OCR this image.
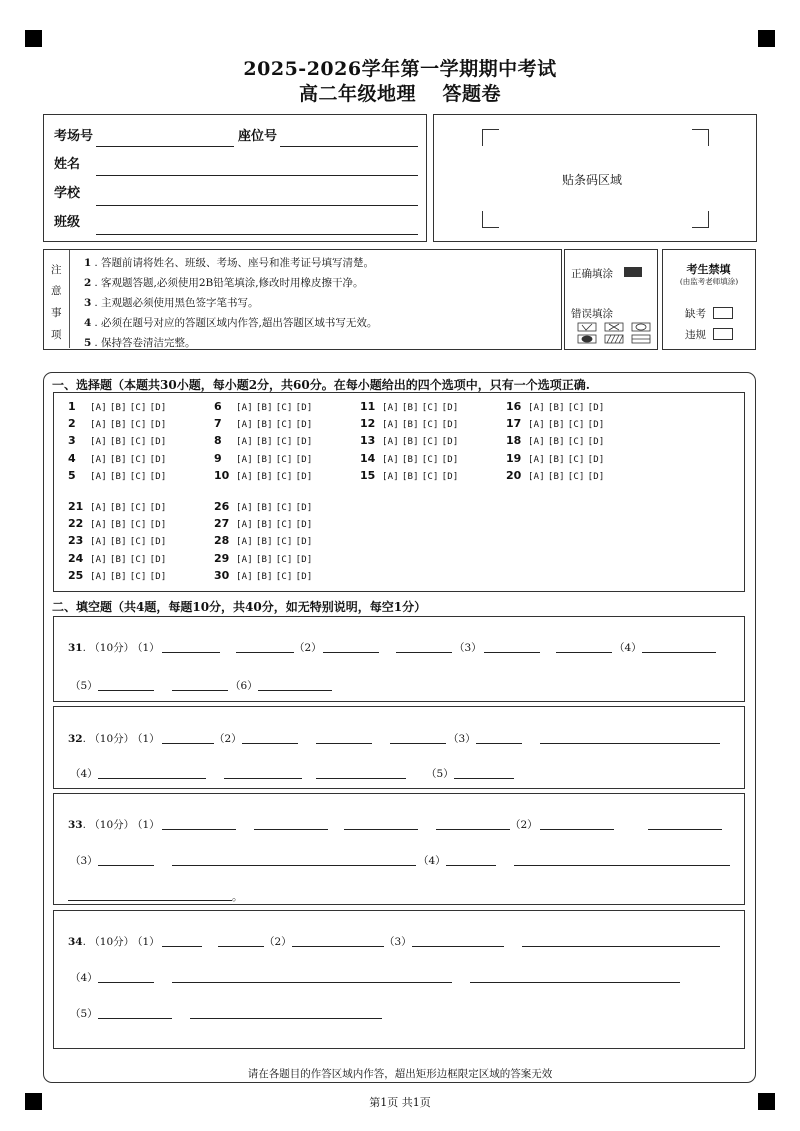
2025-2026学年第一学期期中考试
高二年级地理　 答题卷
考场号	座位号
姓名
学校
班级
贴条码区域
注
意
事
项
1 . 答题前请将姓名、班级、考场、座号和准考证号填写清楚。
2 . 客观题答题,必须使用2B铅笔填涂,修改时用橡皮擦干净。
3 . 主观题必须使用黑色签字笔书写。
4 . 必须在题号对应的答题区域内作答,超出答题区域书写无效。
5 . 保持答卷清洁完整。
正确填涂
错误填涂
考生禁填
(由监考老师填涂)
缺考
违规
一、选择题（本题共30小题，每小题2分，共60分。在每小题给出的四个选项中，只有一个选项正确.
1 [A] [B] [C] [D]
2 [A] [B] [C] [D]
3 [A] [B] [C] [D]
4 [A] [B] [C] [D]
5 [A] [B] [C] [D]
6 [A] [B] [C] [D]
7 [A] [B] [C] [D]
8 [A] [B] [C] [D]
9 [A] [B] [C] [D]
10 [A] [B] [C] [D]
11 [A] [B] [C] [D]
12 [A] [B] [C] [D]
13 [A] [B] [C] [D]
14 [A] [B] [C] [D]
15 [A] [B] [C] [D]
16 [A] [B] [C] [D]
17 [A] [B] [C] [D]
18 [A] [B] [C] [D]
19 [A] [B] [C] [D]
20 [A] [B] [C] [D]
21 [A] [B] [C] [D]
22 [A] [B] [C] [D]
23 [A] [B] [C] [D]
24 [A] [B] [C] [D]
25 [A] [B] [C] [D]
26 [A] [B] [C] [D]
27 [A] [B] [C] [D]
28 [A] [B] [C] [D]
29 [A] [B] [C] [D]
30 [A] [B] [C] [D]
二、填空题（共4题，每题10分，共40分，如无特别说明，每空1分）
31. （10分）
（1）	（2）	（3）	（4）
（5）	（6）
32. （10分）
（1）	（2）	（3）
（4）	（5）
33. （10分）
（1）	（2）
（3）	（4）
。
34. （10分）
（1）	（2）	（3）
（4）
（5）
请在各题目的作答区域内作答，超出矩形边框限定区域的答案无效
第1页 共1页
